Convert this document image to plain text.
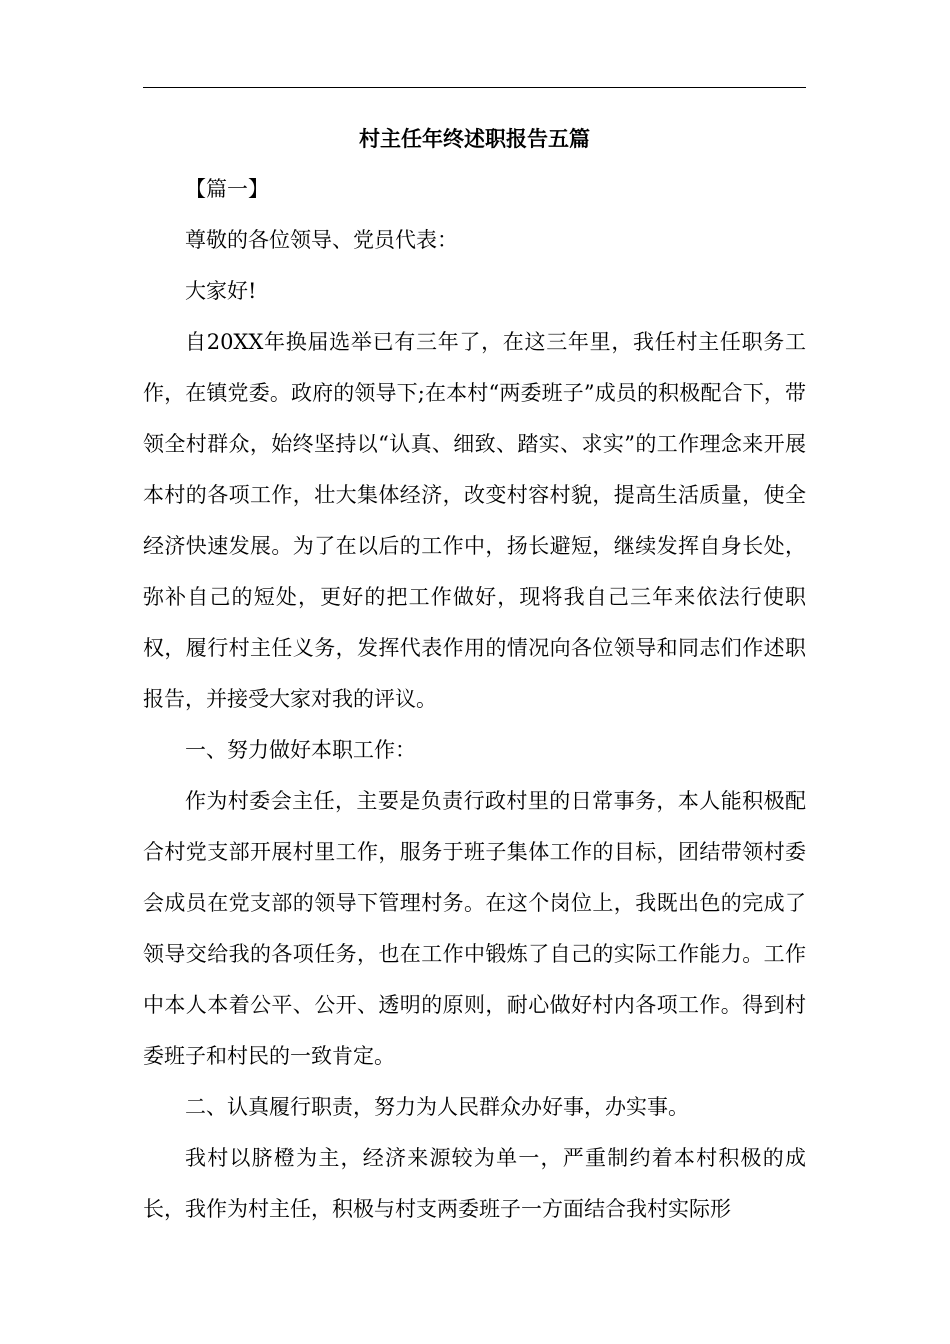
村主任年终述职报告五篇

【篇一】

尊敬的各位领导、党员代表：

大家好!

自20XX年换届选举已有三年了，在这三年里，我任村主任职务工作，在镇党委。政府的领导下;在本村“两委班子”成员的积极配合下，带领全村群众，始终坚持以“认真、细致、踏实、求实”的工作理念来开展本村的各项工作，壮大集体经济，改变村容村貌，提高生活质量，使全经济快速发展。为了在以后的工作中，扬长避短，继续发挥自身长处，弥补自己的短处，更好的把工作做好，现将我自己三年来依法行使职权，履行村主任义务，发挥代表作用的情况向各位领导和同志们作述职报告，并接受大家对我的评议。

一、努力做好本职工作：

作为村委会主任，主要是负责行政村里的日常事务，本人能积极配合村党支部开展村里工作，服务于班子集体工作的目标，团结带领村委会成员在党支部的领导下管理村务。在这个岗位上，我既出色的完成了领导交给我的各项任务，也在工作中锻炼了自己的实际工作能力。工作中本人本着公平、公开、透明的原则，耐心做好村内各项工作。得到村委班子和村民的一致肯定。

二、认真履行职责，努力为人民群众办好事，办实事。

我村以脐橙为主，经济来源较为单一，严重制约着本村积极的成长，我作为村主任，积极与村支两委班子一方面结合我村实际形
